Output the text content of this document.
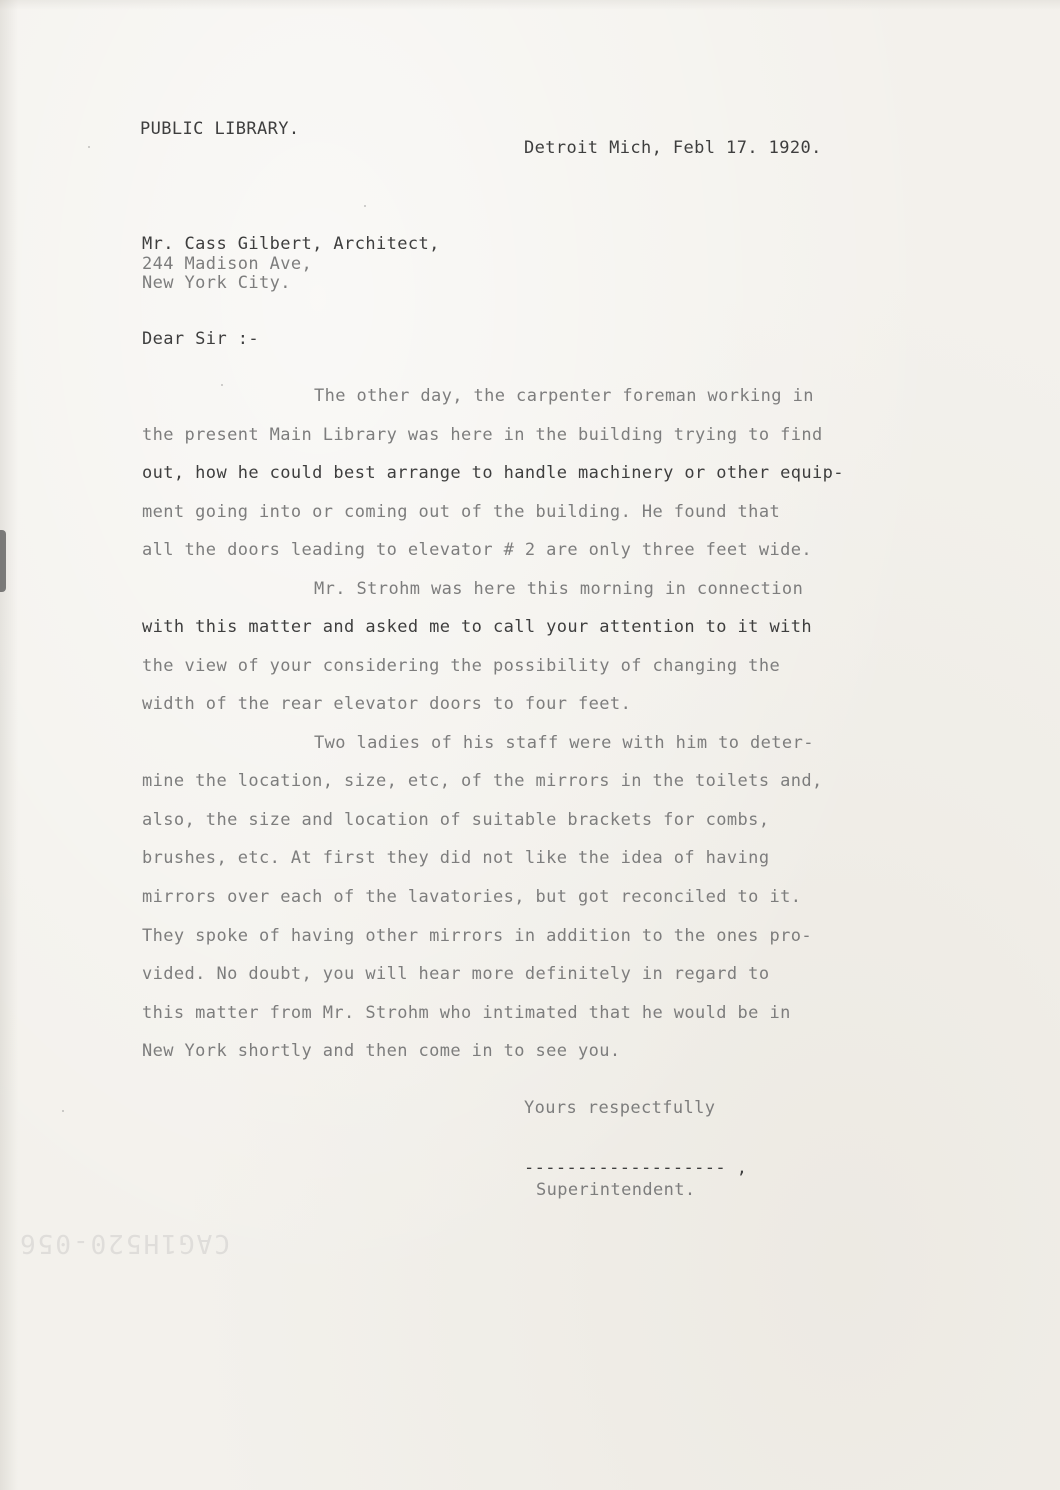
PUBLIC LIBRARY.
Detroit Mich, Febl 17. 1920.
Mr. Cass Gilbert, Architect,
244 Madison Ave,
New York City.
Dear Sir :-
The other day, the carpenter foreman working in
the present Main Library was here in the building trying to find
out, how he could best arrange to handle machinery or other equip-
ment going into or coming out of the building. He found that
all the doors leading to elevator # 2 are only three feet wide.
Mr. Strohm was here this morning in connection
with this matter and asked me to call your attention to it with
the view of your considering the possibility of changing the
width of the rear elevator doors to four feet.
Two ladies of his staff were with him to deter-
mine the location, size, etc, of the mirrors in the toilets and,
also, the size and location of suitable brackets for combs,
brushes, etc. At first they did not like the idea of having
mirrors over each of the lavatories, but got reconciled to it.
They spoke of having other mirrors in addition to the ones pro-
vided. No doubt, you will hear more definitely in regard to
this matter from Mr. Strohm who intimated that he would be in
New York shortly and then come in to see you.
Yours respectfully
------------------- ,
Superintendent.
CAG1H520-056
